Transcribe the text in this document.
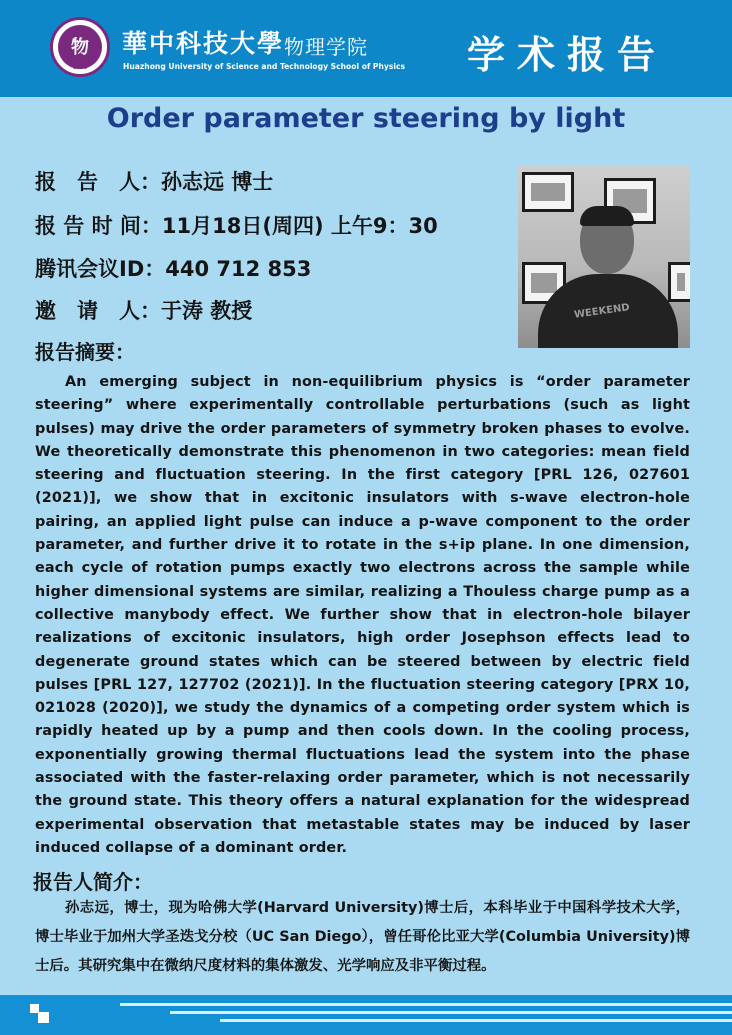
物
1953
華中科技大學 物理学院
Huazhong University of Science and Technology School of Physics 学术报告
Order parameter steering by light
报　告　人：孙志远 博士
报 告 时 间：11月18日(周四) 上午9：30
腾讯会议ID：440 712 853
邀　请　人：于涛 教授	WEEKEND
报告摘要：
An emerging subject in non-equilibrium physics is “order parameter steering” where experimentally controllable perturbations (such as light pulses) may drive the order parameters of symmetry broken phases to evolve. We theoretically demonstrate this phenomenon in two categories: mean field steering and fluctuation steering. In the first category [PRL 126, 027601 (2021)], we show that in excitonic insulators with s-wave electron-hole pairing, an applied light pulse can induce a p-wave component to the order parameter, and further drive it to rotate in the s+ip plane. In one dimension, each cycle of rotation pumps exactly two electrons across the sample while higher dimensional systems are similar, realizing a Thouless charge pump as a collective manybody effect. We further show that in electron-hole bilayer realizations of excitonic insulators, high order Josephson effects lead to degenerate ground states which can be steered between by electric field pulses [PRL 127, 127702 (2021)]. In the fluctuation steering category [PRX 10, 021028 (2020)], we study the dynamics of a competing order system which is rapidly heated up by a pump and then cools down. In the cooling process, exponentially growing thermal fluctuations lead the system into the phase associated with the faster-relaxing order parameter, which is not necessarily the ground state. This theory offers a natural explanation for the widespread experimental observation that metastable states may be induced by laser induced collapse of a dominant order.
报告人简介：
孙志远，博士，现为哈佛大学(Harvard University)博士后，本科毕业于中国科学技术大学，博士毕业于加州大学圣迭戈分校（UC San Diego），曾任哥伦比亚大学(Columbia University)博士后。其研究集中在微纳尺度材料的集体激发、光学响应及非平衡过程。
